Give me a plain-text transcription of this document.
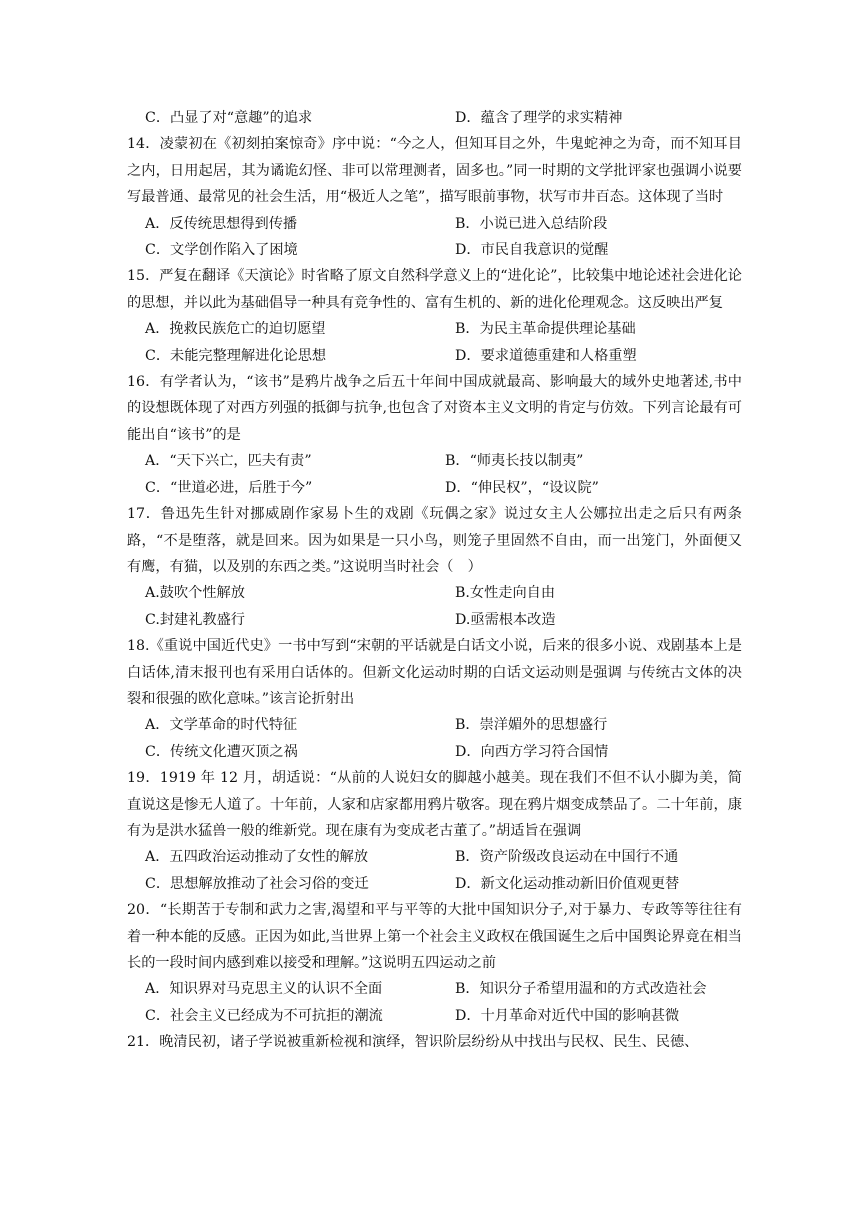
C．凸显了对“意趣”的追求	D．蕴含了理学的求实精神

14．凌蒙初在《初刻拍案惊奇》序中说：“今之人，但知耳目之外，牛鬼蛇神之为奇，而不知耳目之内，日用起居，其为谲诡幻怪、非可以常理测者，固多也。”同一时期的文学批评家也强调小说要写最普通、最常见的社会生活，用“极近人之笔”，描写眼前事物，状写市井百态。这体现了当时

A．反传统思想得到传播	B．小说已进入总结阶段
C．文学创作陷入了困境	D．市民自我意识的觉醒

15．严复在翻译《天演论》时省略了原文自然科学意义上的“进化论”，比较集中地论述社会进化论的思想，并以此为基础倡导一种具有竞争性的、富有生机的、新的进化伦理观念。这反映出严复

A．挽救民族危亡的迫切愿望	B．为民主革命提供理论基础
C．未能完整理解进化论思想	D．要求道德重建和人格重塑

16．有学者认为，“该书”是鸦片战争之后五十年间中国成就最高、影响最大的域外史地著述,书中的设想既体现了对西方列强的抵御与抗争,也包含了对资本主义文明的肯定与仿效。下列言论最有可能出自“该书”的是

A．“天下兴亡，匹夫有责”	B．“师夷长技以制夷”
C．“世道必进，后胜于今”	D．“伸民权”，“设议院”

17．鲁迅先生针对挪威剧作家易卜生的戏剧《玩偶之家》说过女主人公娜拉出走之后只有两条路，“不是堕落，就是回来。因为如果是一只小鸟，则笼子里固然不自由，而一出笼门，外面便又有鹰，有猫，以及别的东西之类。”这说明当时社会（　）

A.鼓吹个性解放	B.女性走向自由
C.封建礼教盛行	D.亟需根本改造

18.《重说中国近代史》一书中写到“宋朝的平话就是白话文小说，后来的很多小说、戏剧基本上是白话体,清末报刊也有采用白话体的。但新文化运动时期的白话文运动则是强调 与传统古文体的决裂和很强的欧化意味。”该言论折射出

A．文学革命的时代特征	B．崇洋媚外的思想盛行
C．传统文化遭灭顶之祸	D．向西方学习符合国情

19．1919 年 12 月，胡适说：“从前的人说妇女的脚越小越美。现在我们不但不认小脚为美，简直说这是惨无人道了。十年前，人家和店家都用鸦片敬客。现在鸦片烟变成禁品了。二十年前，康有为是洪水猛兽一般的维新党。现在康有为变成老古董了。”胡适旨在强调

A．五四政治运动推动了女性的解放	B．资产阶级改良运动在中国行不通
C．思想解放推动了社会习俗的变迁	D．新文化运动推动新旧价值观更替

20．“长期苦于专制和武力之害,渴望和平与平等的大批中国知识分子,对于暴力、专政等等往往有着一种本能的反感。正因为如此,当世界上第一个社会主义政权在俄国诞生之后中国舆论界竟在相当长的一段时间内感到难以接受和理解。”这说明五四运动之前

A．知识界对马克思主义的认识不全面	B．知识分子希望用温和的方式改造社会
C．社会主义已经成为不可抗拒的潮流	D．十月革命对近代中国的影响甚微

21．晚清民初，诸子学说被重新检视和演绎，智识阶层纷纷从中找出与民权、民生、民德、
